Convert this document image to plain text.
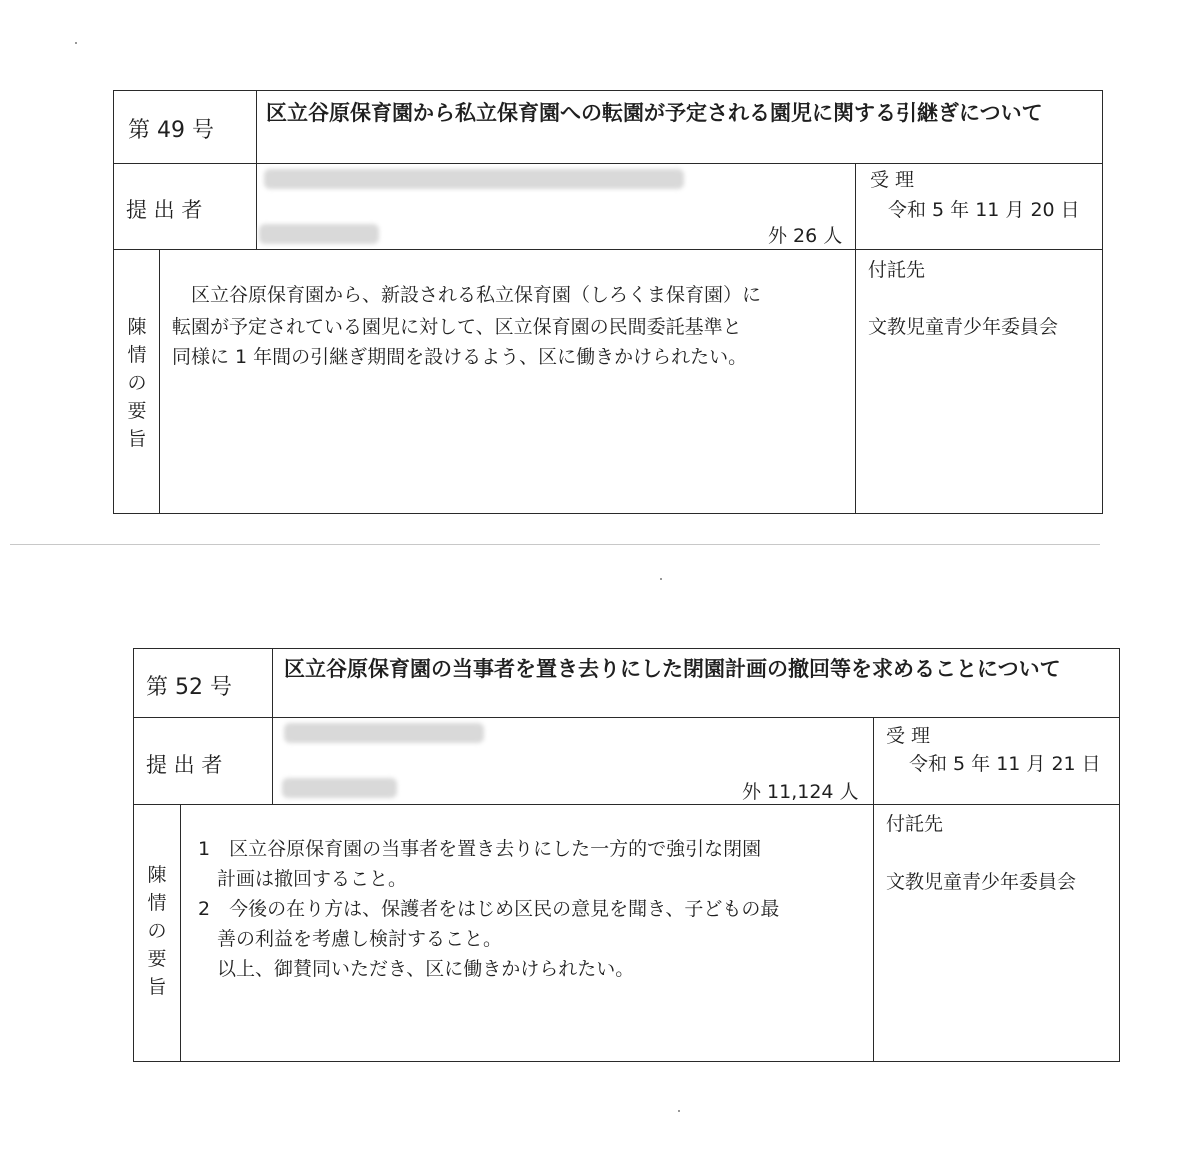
第 49 号
区立谷原保育園から私立保育園への転園が予定される園児に関する引継ぎについて
提 出 者
外 26 人
受 理
令和 5 年 11 月 20 日
陳情の要旨
　区立谷原保育園から、新設される私立保育園（しろくま保育園）に
転園が予定されている園児に対して、区立保育園の民間委託基準と
同様に 1 年間の引継ぎ期間を設けるよう、区に働きかけられたい。
付託先
文教児童青少年委員会
第 52 号
区立谷原保育園の当事者を置き去りにした閉園計画の撤回等を求めることについて
提 出 者
外 11,124 人
受 理
令和 5 年 11 月 21 日
陳情の要旨
1　区立谷原保育園の当事者を置き去りにした一方的で強引な閉園
　計画は撤回すること。
2　今後の在り方は、保護者をはじめ区民の意見を聞き、子どもの最
　善の利益を考慮し検討すること。
　以上、御賛同いただき、区に働きかけられたい。
付託先
文教児童青少年委員会
